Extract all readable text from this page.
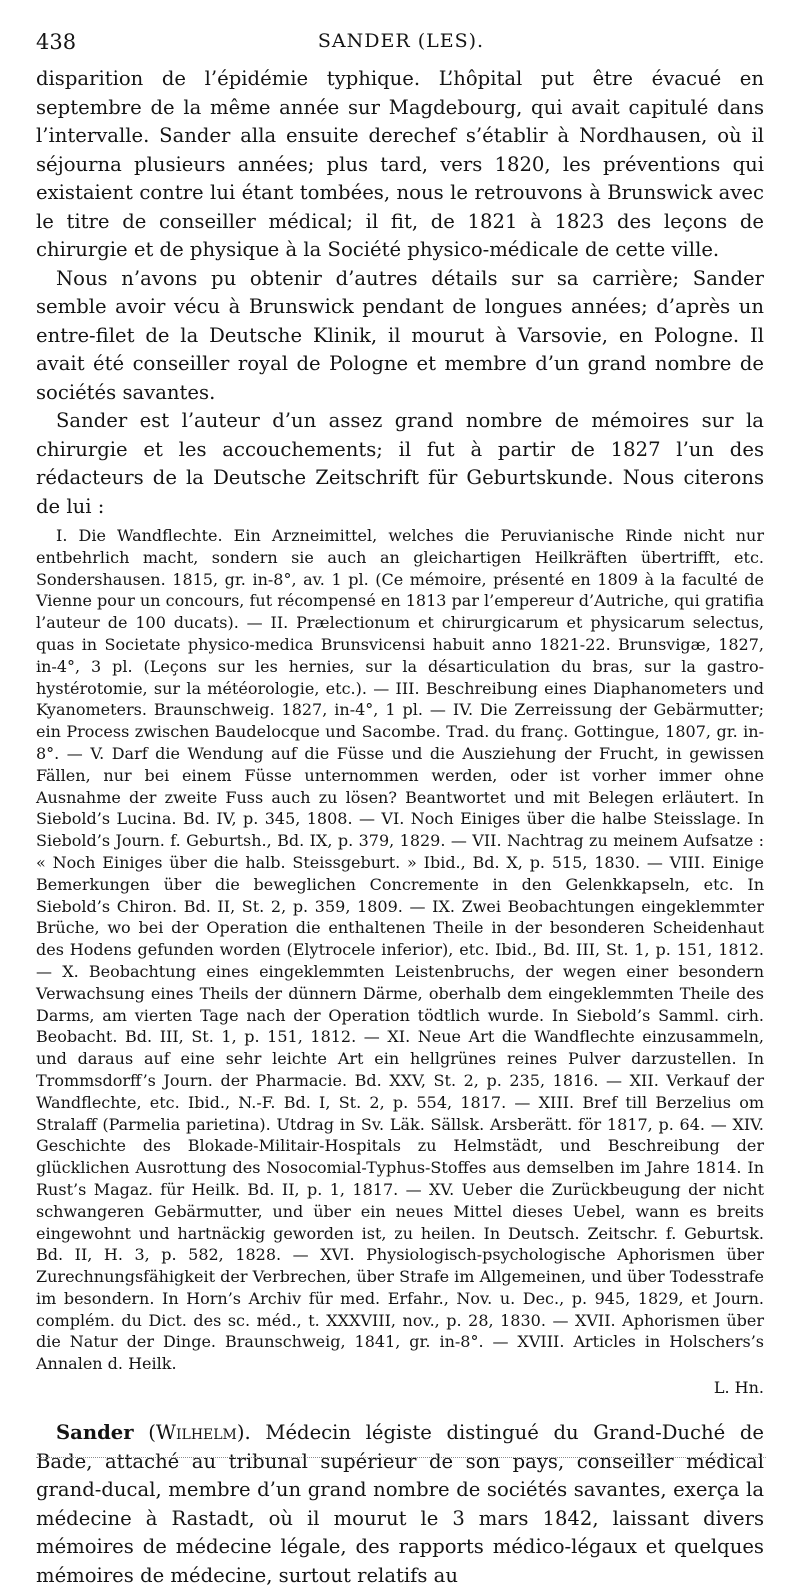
438	SANDER (LES).

disparition de l’épidémie typhique. L’hôpital put être évacué en septembre de la même année sur Magdebourg, qui avait capitulé dans l’intervalle. Sander alla ensuite derechef s’établir à Nordhausen, où il séjourna plusieurs années; plus tard, vers 1820, les préventions qui existaient contre lui étant tombées, nous le retrouvons à Brunswick avec le titre de conseiller médical; il fit, de 1821 à 1823 des leçons de chirurgie et de physique à la Société physico-médicale de cette ville.

Nous n’avons pu obtenir d’autres détails sur sa carrière; Sander semble avoir vécu à Brunswick pendant de longues années; d’après un entre-filet de la Deutsche Klinik, il mourut à Varsovie, en Pologne. Il avait été conseiller royal de Pologne et membre d’un grand nombre de sociétés savantes.

Sander est l’auteur d’un assez grand nombre de mémoires sur la chirurgie et les accouchements; il fut à partir de 1827 l’un des rédacteurs de la Deutsche Zeitschrift für Geburtskunde. Nous citerons de lui :

I. Die Wandflechte. Ein Arzneimittel, welches die Peruvianische Rinde nicht nur entbehrlich macht, sondern sie auch an gleichartigen Heilkräften übertrifft, etc. Sondershausen. 1815, gr. in-8°, av. 1 pl. (Ce mémoire, présenté en 1809 à la faculté de Vienne pour un concours, fut récompensé en 1813 par l’empereur d’Autriche, qui gratifia l’auteur de 100 ducats). — II. Prælectionum et chirurgicarum et physicarum selectus, quas in Societate physico-medica Brunsvicensi habuit anno 1821-22. Brunsvigæ, 1827, in-4°, 3 pl. (Leçons sur les hernies, sur la désarticulation du bras, sur la gastro-hystérotomie, sur la météorologie, etc.). — III. Beschreibung eines Diaphanometers und Kyanometers. Braunschweig. 1827, in-4°, 1 pl. — IV. Die Zerreissung der Gebärmutter; ein Process zwischen Baudelocque und Sacombe. Trad. du franç. Gottingue, 1807, gr. in-8°. — V. Darf die Wendung auf die Füsse und die Ausziehung der Frucht, in gewissen Fällen, nur bei einem Füsse unternommen werden, oder ist vorher immer ohne Ausnahme der zweite Fuss auch zu lösen? Beantwortet und mit Belegen erläutert. In Siebold’s Lucina. Bd. IV, p. 345, 1808. — VI. Noch Einiges über die halbe Steisslage. In Siebold’s Journ. f. Geburtsh., Bd. IX, p. 379, 1829. — VII. Nachtrag zu meinem Aufsatze : « Noch Einiges über die halb. Steissgeburt. » Ibid., Bd. X, p. 515, 1830. — VIII. Einige Bemerkungen über die beweglichen Concremente in den Gelenkkapseln, etc. In Siebold’s Chiron. Bd. II, St. 2, p. 359, 1809. — IX. Zwei Beobachtungen eingeklemmter Brüche, wo bei der Operation die enthaltenen Theile in der besonderen Scheidenhaut des Hodens gefunden worden (Elytrocele inferior), etc. Ibid., Bd. III, St. 1, p. 151, 1812. — X. Beobachtung eines eingeklemmten Leistenbruchs, der wegen einer besondern Verwachsung eines Theils der dünnern Därme, oberhalb dem eingeklemmten Theile des Darms, am vierten Tage nach der Operation tödtlich wurde. In Siebold’s Samml. cirh. Beobacht. Bd. III, St. 1, p. 151, 1812. — XI. Neue Art die Wandflechte einzusammeln, und daraus auf eine sehr leichte Art ein hellgrünes reines Pulver darzustellen. In Trommsdorff’s Journ. der Pharmacie. Bd. XXV, St. 2, p. 235, 1816. — XII. Verkauf der Wandflechte, etc. Ibid., N.-F. Bd. I, St. 2, p. 554, 1817. — XIII. Bref till Berzelius om Stralaff (Parmelia parietina). Utdrag in Sv. Läk. Sällsk. Arsberätt. för 1817, p. 64. — XIV. Geschichte des Blokade-Militair-Hospitals zu Helmstädt, und Beschreibung der glücklichen Ausrottung des Nosocomial-Typhus-Stoffes aus demselben im Jahre 1814. In Rust’s Magaz. für Heilk. Bd. II, p. 1, 1817. — XV. Ueber die Zurückbeugung der nicht schwangeren Gebärmutter, und über ein neues Mittel dieses Uebel, wann es breits eingewohnt und hartnäckig geworden ist, zu heilen. In Deutsch. Zeitschr. f. Geburtsk. Bd. II, H. 3, p. 582, 1828. — XVI. Physiologisch-psychologische Aphorismen über Zurechnungsfähigkeit der Verbrechen, über Strafe im Allgemeinen, und über Todesstrafe im besondern. In Horn’s Archiv für med. Erfahr., Nov. u. Dec., p. 945, 1829, et Journ. complém. du Dict. des sc. méd., t. XXXVIII, nov., p. 28, 1830. — XVII. Aphorismen über die Natur der Dinge. Braunschweig, 1841, gr. in-8°. — XVIII. Articles in Holschers’s Annalen d. Heilk.

L. Hn.

Sander (Wilhelm). Médecin légiste distingué du Grand-Duché de Bade, attaché au tribunal supérieur de son pays, conseiller médical grand-ducal, membre d’un grand nombre de sociétés savantes, exerça la médecine à Rastadt, où il mourut le 3 mars 1842, laissant divers mémoires de médecine légale, des rapports médico-légaux et quelques mémoires de médecine, surtout relatifs au
